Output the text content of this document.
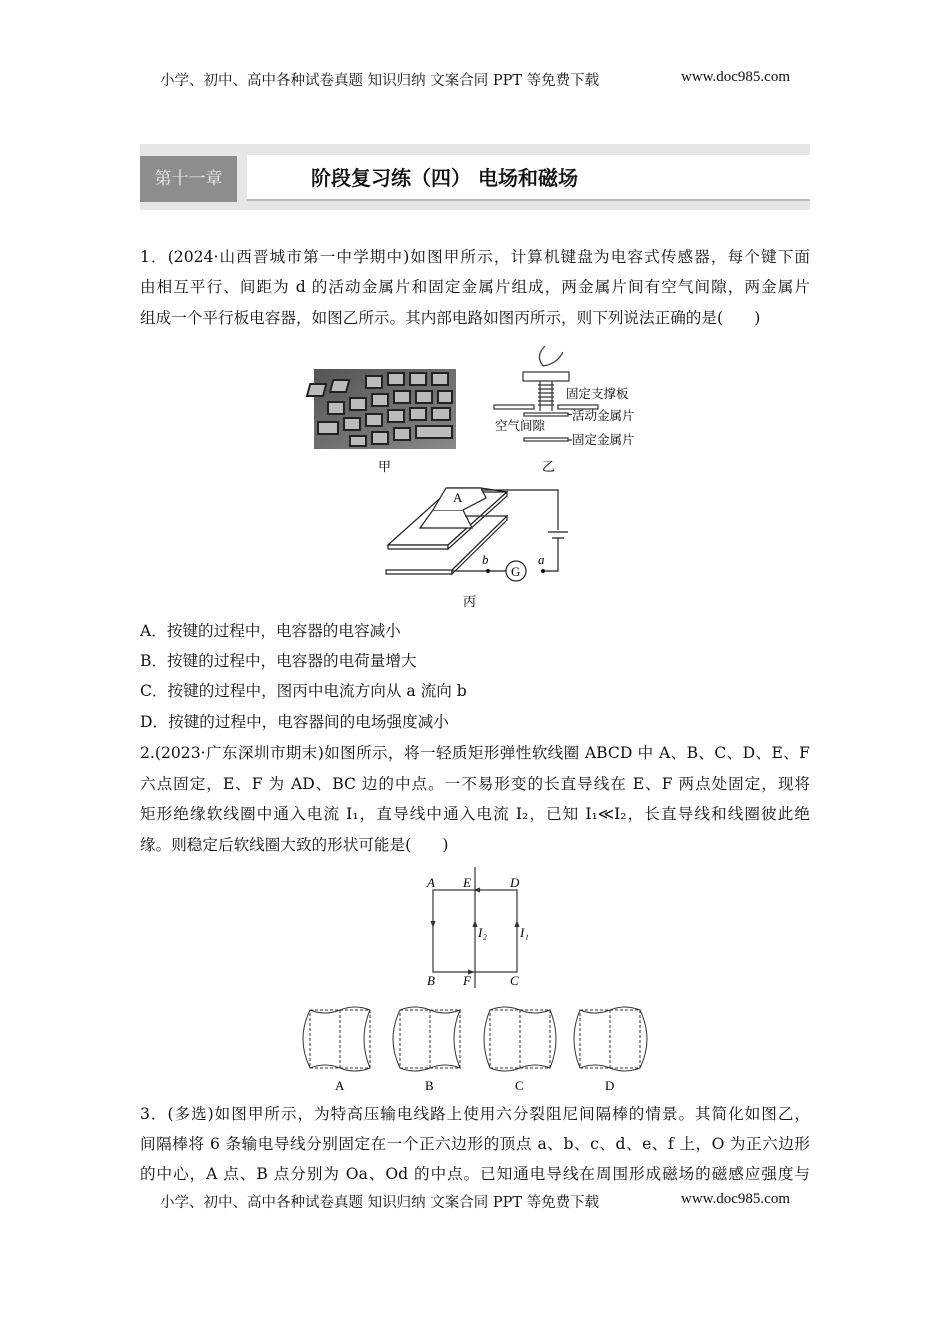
小学、初中、高中各种试卷真题 知识归纳 文案合同 PPT 等免费下载	www.doc985.com
第十一章	阶段复习练（四） 电场和磁场
1．(2024·山西晋城市第一中学期中)如图甲所示，计算机键盘为电容式传感器，每个键下面
由相互平行、间距为 d 的活动金属片和固定金属片组成，两金属片间有空气间隙，两金属片
组成一个平行板电容器，如图乙所示。其内部电路如图丙所示，则下列说法正确的是(　　)
甲
固定支撑板
活动金属片
空气间隙
固定金属片
乙
A
G
b	a
丙
A．按键的过程中，电容器的电容减小
B．按键的过程中，电容器的电荷量增大
C．按键的过程中，图丙中电流方向从 a 流向 b
D．按键的过程中，电容器间的电场强度减小
2.(2023·广东深圳市期末)如图所示，将一轻质矩形弹性软线圈 ABCD 中 A、B、C、D、E、F
六点固定，E、F 为 AD、BC 边的中点。一不易形变的长直导线在 E、F 两点处固定，现将
矩形绝缘软线圈中通入电流 I₁，直导线中通入电流 I₂，已知 I₁≪I₂，长直导线和线圈彼此绝
缘。则稳定后软线圈大致的形状可能是(　　)
A E	D
I₂	I₁
B F	C
A	B	C	D
3．(多选)如图甲所示，为特高压输电线路上使用六分裂阻尼间隔棒的情景。其简化如图乙，
间隔棒将 6 条输电导线分别固定在一个正六边形的顶点 a、b、c、d、e、f 上，O 为正六边形
的中心，A 点、B 点分别为 Oa、Od 的中点。已知通电导线在周围形成磁场的磁感应强度与
小学、初中、高中各种试卷真题 知识归纳 文案合同 PPT 等免费下载	www.doc985.com
